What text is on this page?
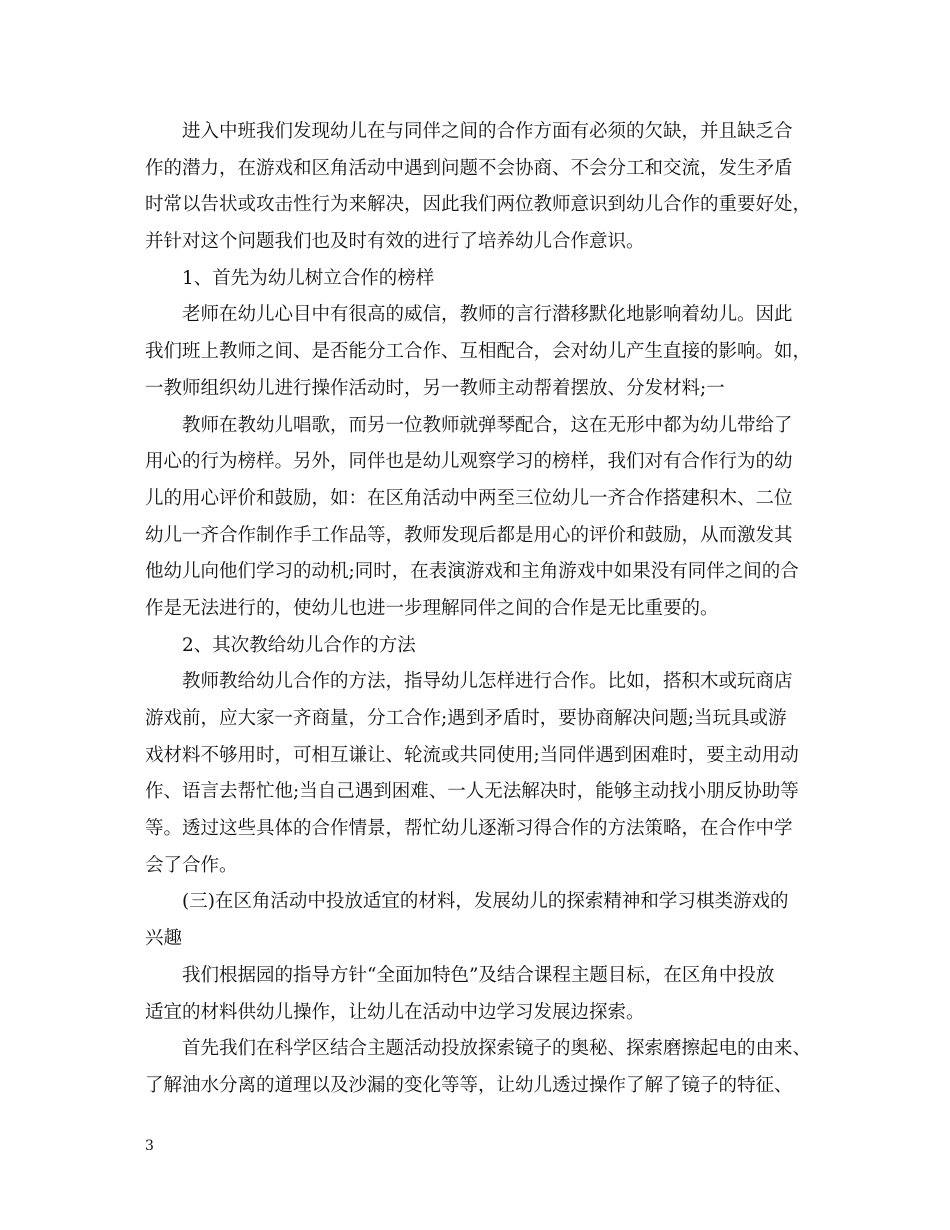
进入中班我们发现幼儿在与同伴之间的合作方面有必须的欠缺，并且缺乏合
作的潜力，在游戏和区角活动中遇到问题不会协商、不会分工和交流，发生矛盾
时常以告状或攻击性行为来解决，因此我们两位教师意识到幼儿合作的重要好处，
并针对这个问题我们也及时有效的进行了培养幼儿合作意识。
1、首先为幼儿树立合作的榜样
老师在幼儿心目中有很高的威信，教师的言行潜移默化地影响着幼儿。因此
我们班上教师之间、是否能分工合作、互相配合，会对幼儿产生直接的影响。如，
一教师组织幼儿进行操作活动时，另一教师主动帮着摆放、分发材料;一
教师在教幼儿唱歌，而另一位教师就弹琴配合，这在无形中都为幼儿带给了
用心的行为榜样。另外，同伴也是幼儿观察学习的榜样，我们对有合作行为的幼
儿的用心评价和鼓励，如：在区角活动中两至三位幼儿一齐合作搭建积木、二位
幼儿一齐合作制作手工作品等，教师发现后都是用心的评价和鼓励，从而激发其
他幼儿向他们学习的动机;同时，在表演游戏和主角游戏中如果没有同伴之间的合
作是无法进行的，使幼儿也进一步理解同伴之间的合作是无比重要的。
2、其次教给幼儿合作的方法
教师教给幼儿合作的方法，指导幼儿怎样进行合作。比如，搭积木或玩商店
游戏前，应大家一齐商量，分工合作;遇到矛盾时，要协商解决问题;当玩具或游
戏材料不够用时，可相互谦让、轮流或共同使用;当同伴遇到困难时，要主动用动
作、语言去帮忙他;当自己遇到困难、一人无法解决时，能够主动找小朋反协助等
等。透过这些具体的合作情景，帮忙幼儿逐渐习得合作的方法策略，在合作中学
会了合作。
(三)在区角活动中投放适宜的材料，发展幼儿的探索精神和学习棋类游戏的
兴趣
我们根据园的指导方针“全面加特色”及结合课程主题目标，在区角中投放
适宜的材料供幼儿操作，让幼儿在活动中边学习发展边探索。
首先我们在科学区结合主题活动投放探索镜子的奥秘、探索磨擦起电的由来、
了解油水分离的道理以及沙漏的变化等等，让幼儿透过操作了解了镜子的特征、
3
